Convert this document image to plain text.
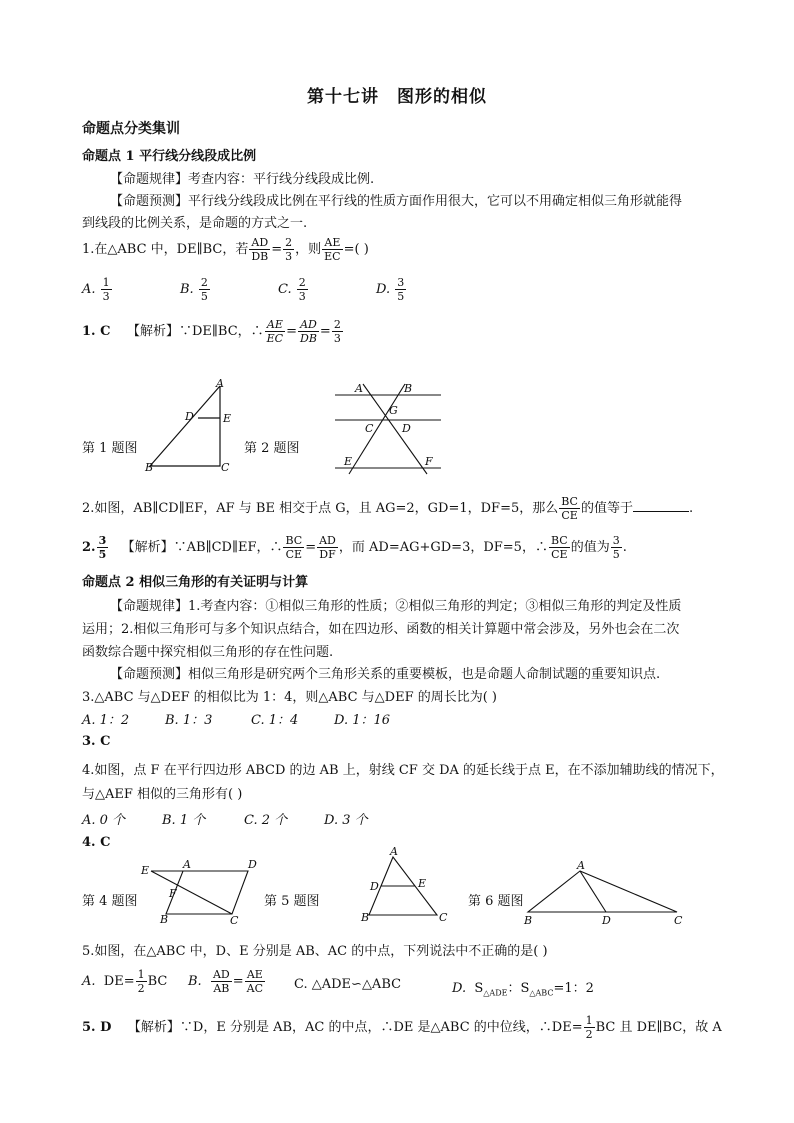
第十七讲 图形的相似
命题点分类集训
命题点 1 平行线分线段成比例
【命题规律】考查内容：平行线分线段成比例.
【命题预测】平行线分线段成比例在平行线的性质方面作用很大，它可以不用确定相似三角形就能得
到线段的比例关系，是命题的方式之一.
1.在△ABC 中，DE∥BC，若 $\frac{AD}{DB} = \frac{2}{3}$ ，则 $\frac{AE}{EC}$ =( )
A. $\frac{1}{3}$	B. $\frac{2}{5}$	C. $\frac{2}{3}$	D. $\frac{3}{5}$
1. C 【解析】∵DE∥BC，∴ $\frac{AE}{EC} = \frac{AD}{DB} = \frac{2}{3}$
A
D	E
B	C
第 1 题图	第 2 题图
A	B
G
C	D
E	F
2.如图，AB∥CD∥EF，AF 与 BE 相交于点 G，且 AG=2，GD=1，DF=5，那么 $\frac{BC}{CE}$ 的值等于	.
2. $\frac{3}{5}$ 【解析】∵AB∥CD∥EF，∴ $\frac{BC}{CE} = \frac{AD}{DF}$ ，而 AD=AG+GD=3，DF=5，∴ $\frac{BC}{CE}$ 的值为 $\frac{3}{5}$ .
命题点 2 相似三角形的有关证明与计算
【命题规律】1.考查内容：①相似三角形的性质；②相似三角形的判定；③相似三角形的判定及性质
运用；2.相似三角形可与多个知识点结合，如在四边形、函数的相关计算题中常会涉及，另外也会在二次
函数综合题中探究相似三角形的存在性问题.
【命题预测】相似三角形是研究两个三角形关系的重要模板，也是命题人命制试题的重要知识点.
3.△ABC 与△DEF 的相似比为 1：4，则△ABC 与△DEF 的周长比为( )
A. 1：2	B. 1：3	C. 1：4	D. 1：16
3. C
4.如图，点 F 在平行四边形 ABCD 的边 AB 上，射线 CF 交 DA 的延长线于点 E，在不添加辅助线的情况下，
与△AEF 相似的三角形有( )
A. 0 个	B. 1 个	C. 2 个	D. 3 个
4. C
E	A	D
F
B	C
第 4 题图	第 5 题图
A
D	E
B	C
第 6 题图
A
B	D	C
5.如图，在△ABC 中，D、E 分别是 AB、AC 的中点，下列说法中不正确的是( )
A. $DE= \frac{1}{2}$ BC B. $\frac{AD}{AB} = \frac{AE}{AC} C$. △ADE∽△ABC	D. $S_{\triangle ADE}$：$S_{\triangle ABC}=1$：2
5. D 【解析】∵D，E 分别是 AB，AC 的中点，∴DE 是△ABC 的中位线，∴DE= $\frac{1}{2}$ BC 且 DE∥BC，故 A
